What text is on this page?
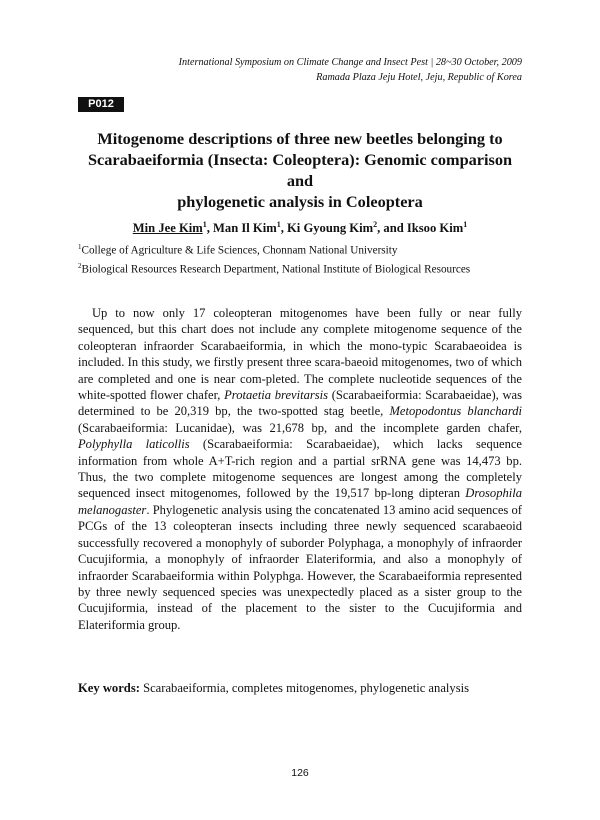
International Symposium on Climate Change and Insect Pest | 28~30 October, 2009
Ramada Plaza Jeju Hotel, Jeju, Republic of Korea
P012
Mitogenome descriptions of three new beetles belonging to
Scarabaeiformia (Insecta: Coleoptera): Genomic comparison and
phylogenetic analysis in Coleoptera
Min Jee Kim$^1$, Man Il Kim$^1$, Ki Gyoung Kim$^2$, and Iksoo Kim$^1$
$^1$College of Agriculture & Life Sciences, Chonnam National University
$^2$Biological Resources Research Department, National Institute of Biological Resources

Up to now only 17 coleopteran mitogenomes have been fully or near fully sequenced, but this chart does not include any complete mitogenome sequence of the coleopteran infraorder Scarabaeiformia, in which the mono-typic Scarabaeoidea is included. In this study, we firstly present three scara-baeoid mitogenomes, two of which are completed and one is near com-pleted. The complete nucleotide sequences of the white-spotted flower chafer, Protaetia brevitarsis (Scarabaeiformia: Scarabaeidae), was determined to be 20,319 bp, the two-spotted stag beetle, Metopodontus blanchardi (Scarabaeiformia: Lucanidae), was 21,678 bp, and the incomplete garden chafer, Polyphylla laticollis (Scarabaeiformia: Scarabaeidae), which lacks sequence information from whole A+T-rich region and a partial srRNA gene was 14,473 bp. Thus, the two complete mitogenome sequences are longest among the completely sequenced insect mitogenomes, followed by the 19,517 bp-long dipteran Drosophila melanogaster. Phylogenetic analysis using the concatenated 13 amino acid sequences of PCGs of the 13 coleopteran insects including three newly sequenced scarabaeoid successfully recovered a monophyly of suborder Polyphaga, a monophyly of infraorder Cucujiformia, a monophyly of infraorder Elateriformia, and also a monophyly of infraorder Scarabaeiformia within Polyphga. However, the Scarabaeiformia represented by three newly sequenced species was unexpectedly placed as a sister group to the Cucujiformia, instead of the placement to the sister to the Cucujiformia and Elateriformia group.

Key words: Scarabaeiformia, completes mitogenomes, phylogenetic analysis
126
